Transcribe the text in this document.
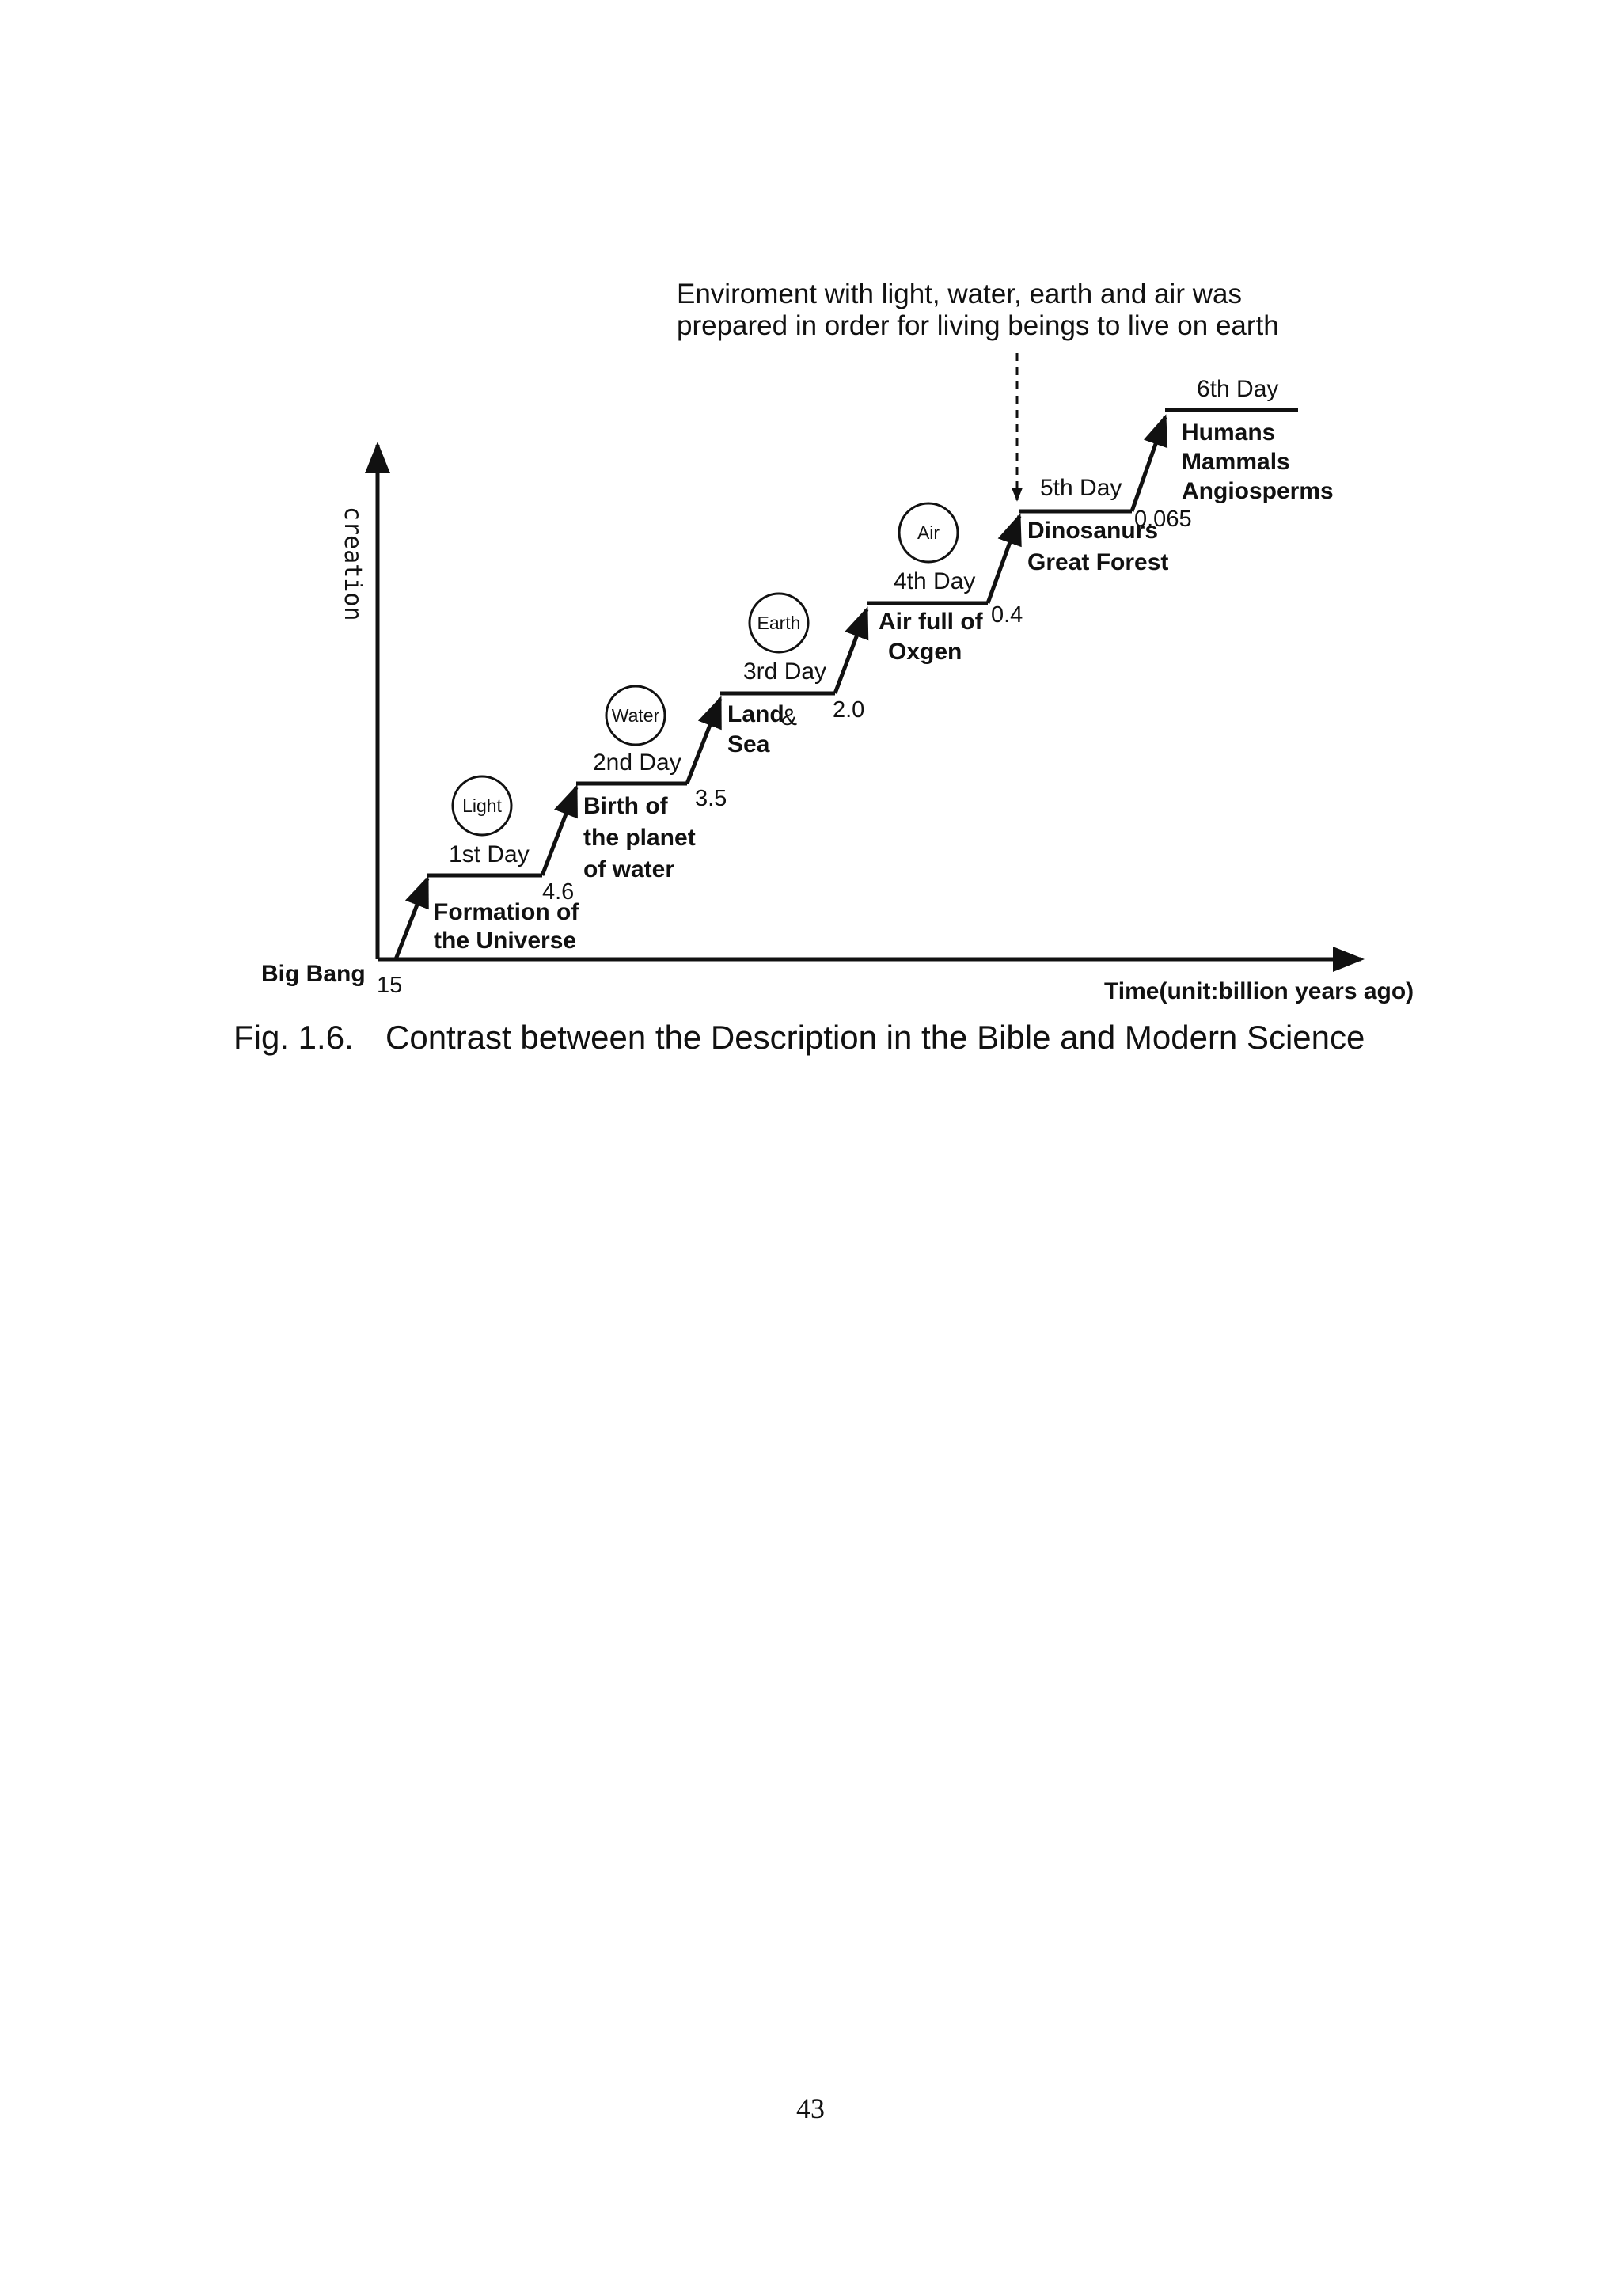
Enviroment with light, water, earth and air was
prepared in order for living beings to live on earth
creation
Time(unit:billion years ago)
Big Bang 15
Light
1st Day
Formation of
the Universe
4.6
Water
2nd Day
Birth of
the planet
of water
3.5
Earth
3rd Day
Land
&
Sea
2.0
Air
4th Day
Air full of
Oxgen
0.4
5th Day
Dinosanurs
Great Forest
0.065
6th Day
Humans
Mammals
Angiosperms
Fig. 1.6. Contrast between the Description in the Bible and Modern Science
43
